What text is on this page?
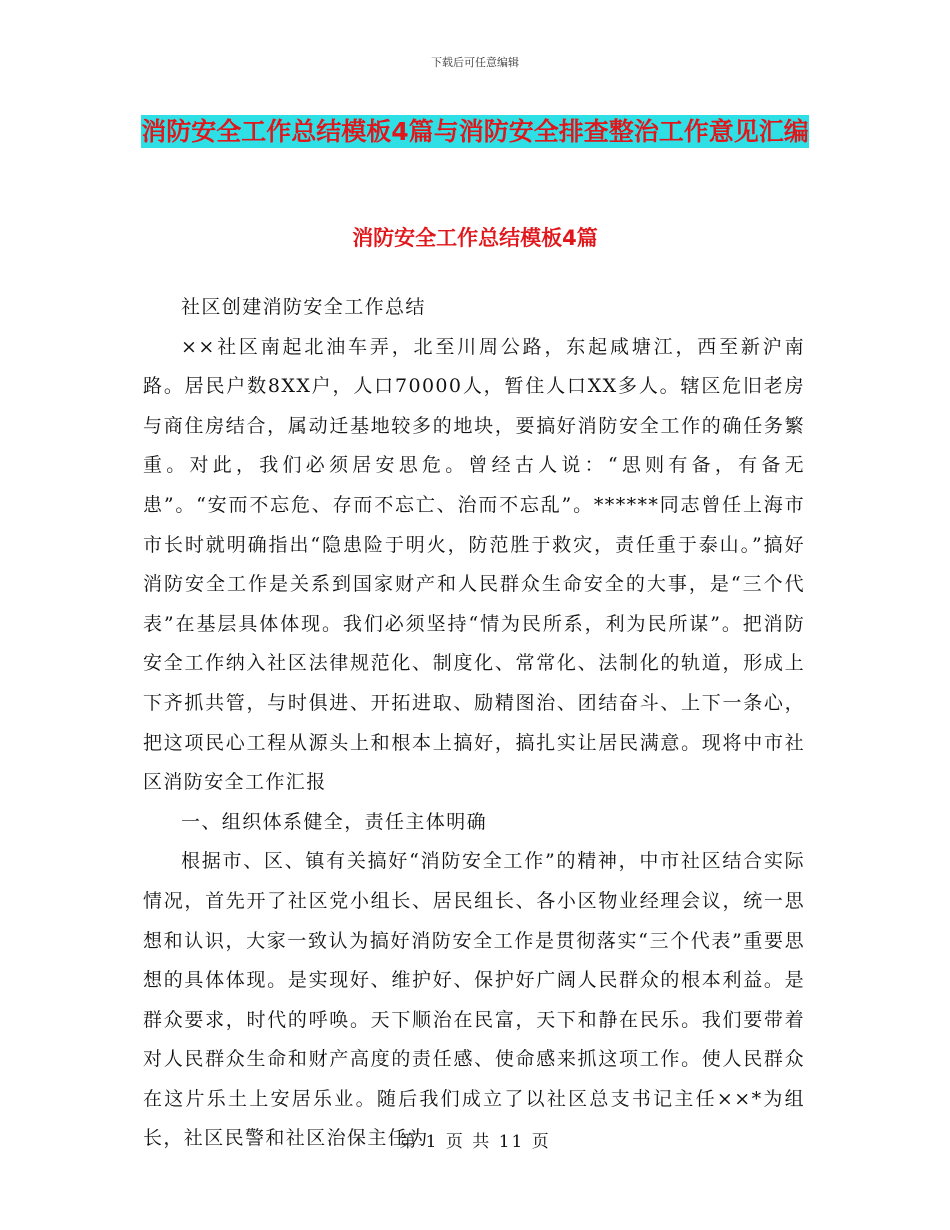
下载后可任意编辑
消防安全工作总结模板4篇与消防安全排查整治工作意见汇编
消防安全工作总结模板4篇

社区创建消防安全工作总结

××社区南起北油车弄，北至川周公路，东起咸塘江，西至新沪南路。居民户数8XX户，人口70000人，暂住人口XX多人。辖区危旧老房与商住房结合，属动迁基地较多的地块，要搞好消防安全工作的确任务繁重。对此，我们必须居安思危。曾经古人说：“思则有备，有备无患”。“安而不忘危、存而不忘亡、治而不忘乱”。******同志曾任上海市市长时就明确指出“隐患险于明火，防范胜于救灾，责任重于泰山。”搞好消防安全工作是关系到国家财产和人民群众生命安全的大事，是“三个代表”在基层具体体现。我们必须坚持“情为民所系，利为民所谋”。把消防安全工作纳入社区法律规范化、制度化、常常化、法制化的轨道，形成上下齐抓共管，与时俱进、开拓进取、励精图治、团结奋斗、上下一条心，把这项民心工程从源头上和根本上搞好，搞扎实让居民满意。现将中市社区消防安全工作汇报

一、组织体系健全，责任主体明确

根据市、区、镇有关搞好“消防安全工作”的精神，中市社区结合实际情况，首先开了社区党小组长、居民组长、各小区物业经理会议，统一思想和认识，大家一致认为搞好消防安全工作是贯彻落实“三个代表”重要思想的具体体现。是实现好、维护好、保护好广阔人民群众的根本利益。是群众要求，时代的呼唤。天下顺治在民富，天下和静在民乐。我们要带着对人民群众生命和财产高度的责任感、使命感来抓这项工作。使人民群众在这片乐土上安居乐业。随后我们成立了以社区总支书记主任××*为组长，社区民警和社区治保主任为

第 1 页 共 11 页
